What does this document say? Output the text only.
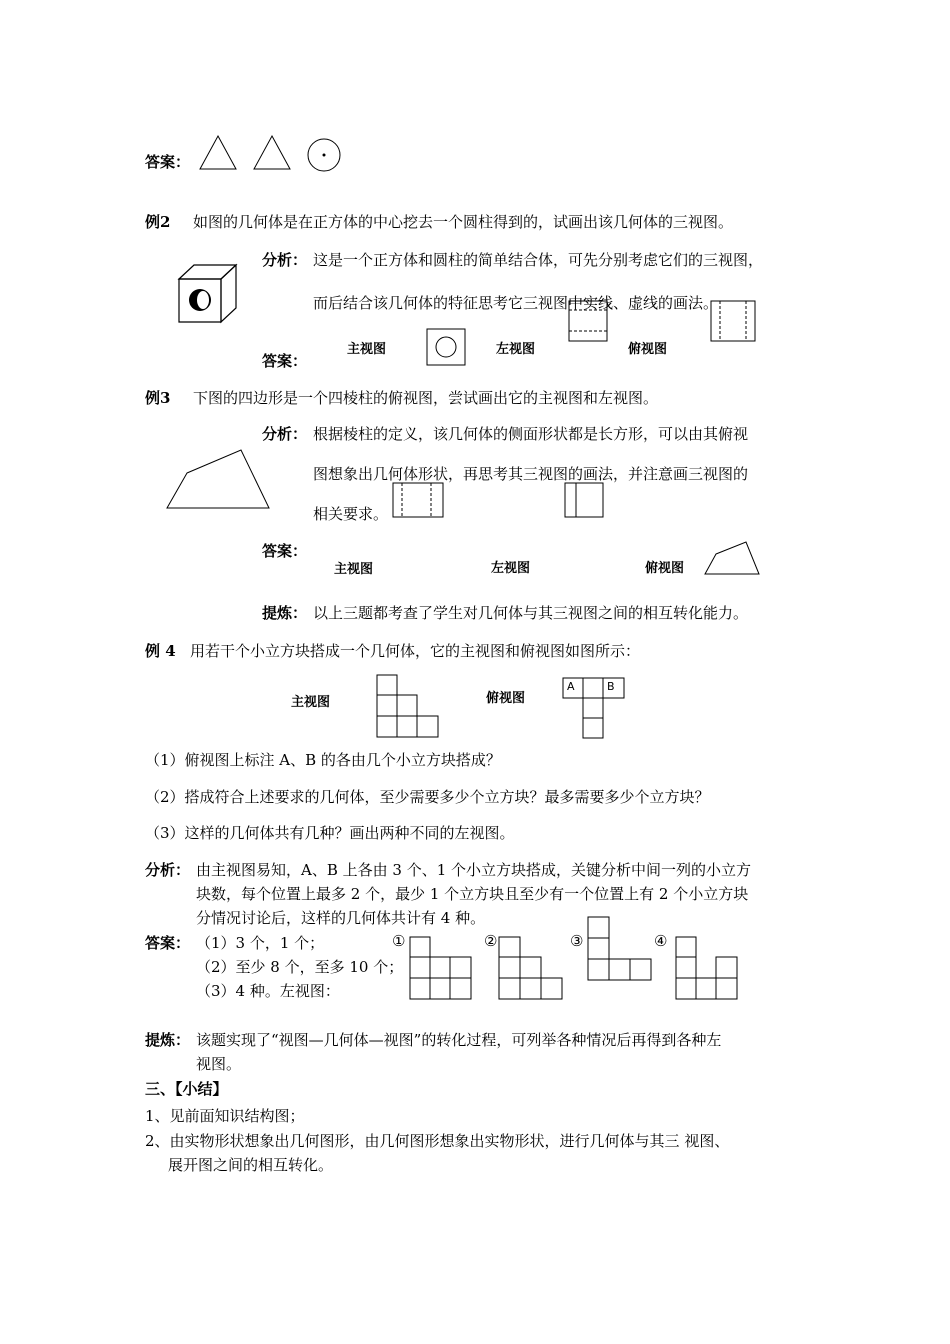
答案：
例2 如图的几何体是在正方体的中心挖去一个圆柱得到的，试画出该几何体的三视图。
分析： 这是一个正方体和圆柱的简单结合体，可先分别考虑它们的三视图，
而后结合该几何体的特征思考它三视图中实线、虚线的画法。
答案：
主视图	左视图	俯视图
例3 下图的四边形是一个四棱柱的俯视图，尝试画出它的主视图和左视图。
分析： 根据棱柱的定义，该几何体的侧面形状都是长方形，可以由其俯视
图想象出几何体形状，再思考其三视图的画法，并注意画三视图的
相关要求。
答案：
主视图	左视图	俯视图
提炼： 以上三题都考查了学生对几何体与其三视图之间的相互转化能力。
例 4 用若干个小立方块搭成一个几何体，它的主视图和俯视图如图所示：
主视图	俯视图
A	B
（1）俯视图上标注 A、B 的各由几个小立方块搭成？
（2）搭成符合上述要求的几何体，至少需要多少个立方块？最多需要多少个立方块？
（3）这样的几何体共有几种？画出两种不同的左视图。
分析： 由主视图易知，A、B 上各由 3 个、1 个小立方块搭成，关键分析中间一列的小立方
块数，每个位置上最多 2 个，最少 1 个立方块且至少有一个位置上有 2 个小立方块
分情况讨论后，这样的几何体共计有 4 种。
答案： （1）3 个，1 个；
（2）至少 8 个，至多 10 个；
（3）4 种。左视图：
①	②	③	④
提炼： 该题实现了“视图—几何体—视图”的转化过程，可列举各种情况后再得到各种左
视图。
三、【小结】
1、见前面知识结构图；
2、由实物形状想象出几何图形，由几何图形想象出实物形状，进行几何体与其三 视图、
展开图之间的相互转化。
